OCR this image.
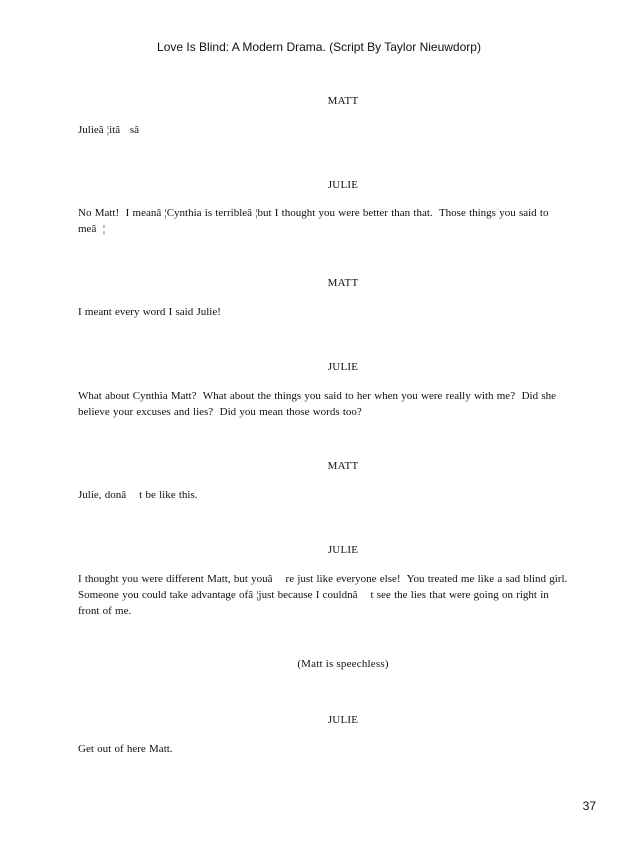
Love Is Blind: A Modern Drama. (Script By Taylor Nieuwdorp)
MATT
Julieâ ¦itâ   sâ
JULIE
No Matt!  I meanâ ¦Cynthia is terribleâ ¦but I thought you were better than that.  Those things you said to
meâ  ¦
MATT
I meant every word I said Julie!
JULIE
What about Cynthia Matt?  What about the things you said to her when you were really with me?  Did she
believe your excuses and lies?  Did you mean those words too?
MATT
Julie, donâ    t be like this.
JULIE
I thought you were different Matt, but youâ    re just like everyone else!  You treated me like a sad blind girl.
Someone you could take advantage ofâ ¦just because I couldnâ    t see the lies that were going on right in
front of me.
(Matt is speechless)
JULIE
Get out of here Matt.
37
